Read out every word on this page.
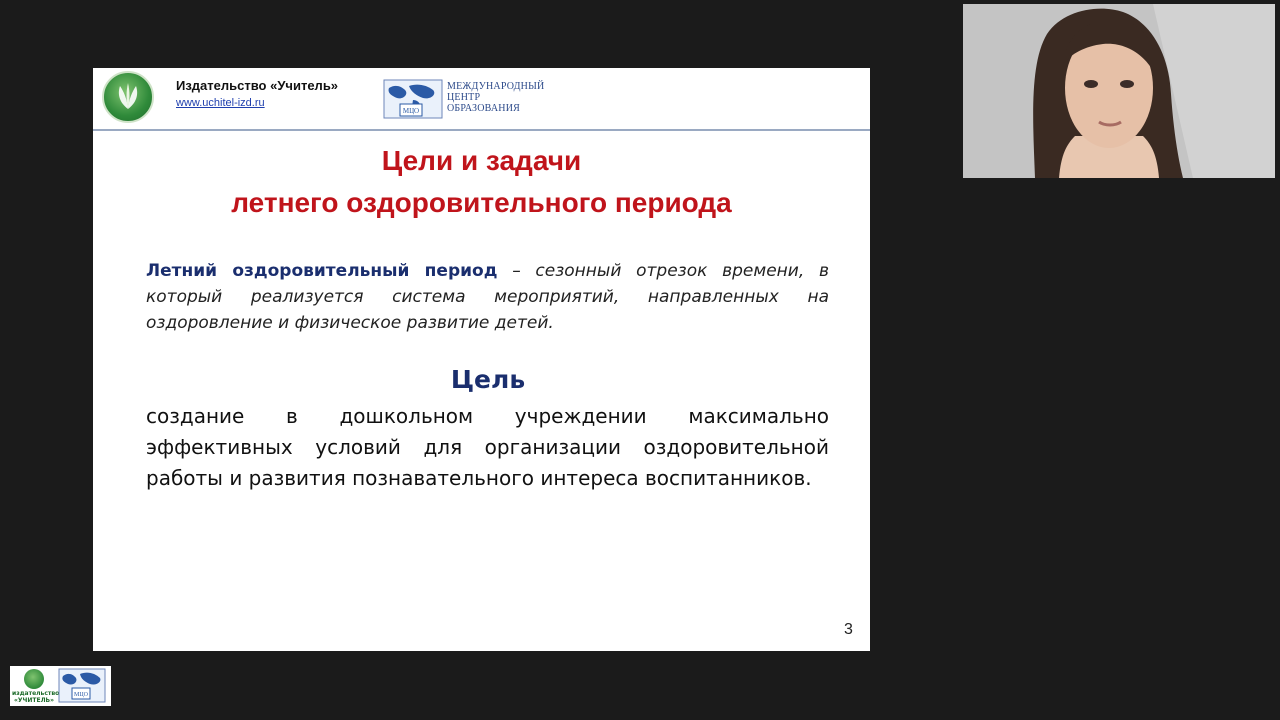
Издательство «Учитель»
www.uchitel-izd.ru
МЦО
МЕЖДУНАРОДНЫЙ
ЦЕНТР
ОБРАЗОВАНИЯ
Цели и задачи
летнего оздоровительного периода
Летний оздоровительный период – сезонный отрезок времени, в который реализуется система мероприятий, направленных на оздоровление и физическое развитие детей.
Цель
создание в дошкольном учреждении максимально эффективных условий для организации оздоровительной работы и развития познавательного интереса воспитанников.
3
издательство
«УЧИТЕЛЬ»
МЦО
